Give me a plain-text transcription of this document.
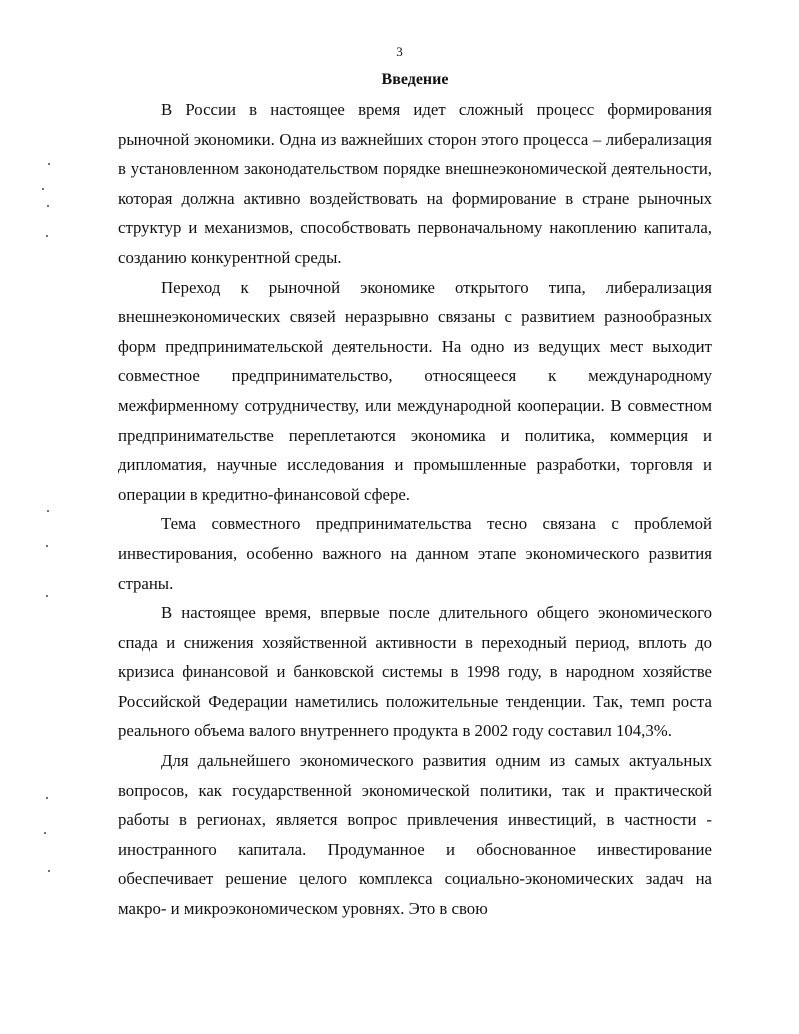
3
Введение

В России в настоящее время идет сложный процесс формирования рыночной экономики. Одна из важнейших сторон этого процесса – либерализация в установленном законодательством порядке внешнеэкономической деятельности, которая должна активно воздействовать на формирование в стране рыночных структур и механизмов, способствовать первоначальному накоплению капитала, созданию конкурентной среды.

Переход к рыночной экономике открытого типа, либерализация внешнеэкономических связей неразрывно связаны с развитием разнообразных форм предпринимательской деятельности. На одно из ведущих мест выходит совместное предпринимательство, относящееся к международному межфирменному сотрудничеству, или международной кооперации. В совместном предпринимательстве переплетаются экономика и политика, коммерция и дипломатия, научные исследования и промышленные разработки, торговля и операции в кредитно-финансовой сфере.

Тема совместного предпринимательства тесно связана с проблемой инвестирования, особенно важного на данном этапе экономического развития страны.

В настоящее время, впервые после длительного общего экономического спада и снижения хозяйственной активности в переходный период, вплоть до кризиса финансовой и банковской системы в 1998 году, в народном хозяйстве Российской Федерации наметились положительные тенденции. Так, темп роста реального объема валого внутреннего продукта в 2002 году составил 104,3%.

Для дальнейшего экономического развития одним из самых актуальных вопросов, как государственной экономической политики, так и практической работы в регионах, является вопрос привлечения инвестиций, в частности - иностранного капитала. Продуманное и обоснованное инвестирование обеспечивает решение целого комплекса социально-экономических задач на макро- и микроэкономическом уровнях. Это в свою
